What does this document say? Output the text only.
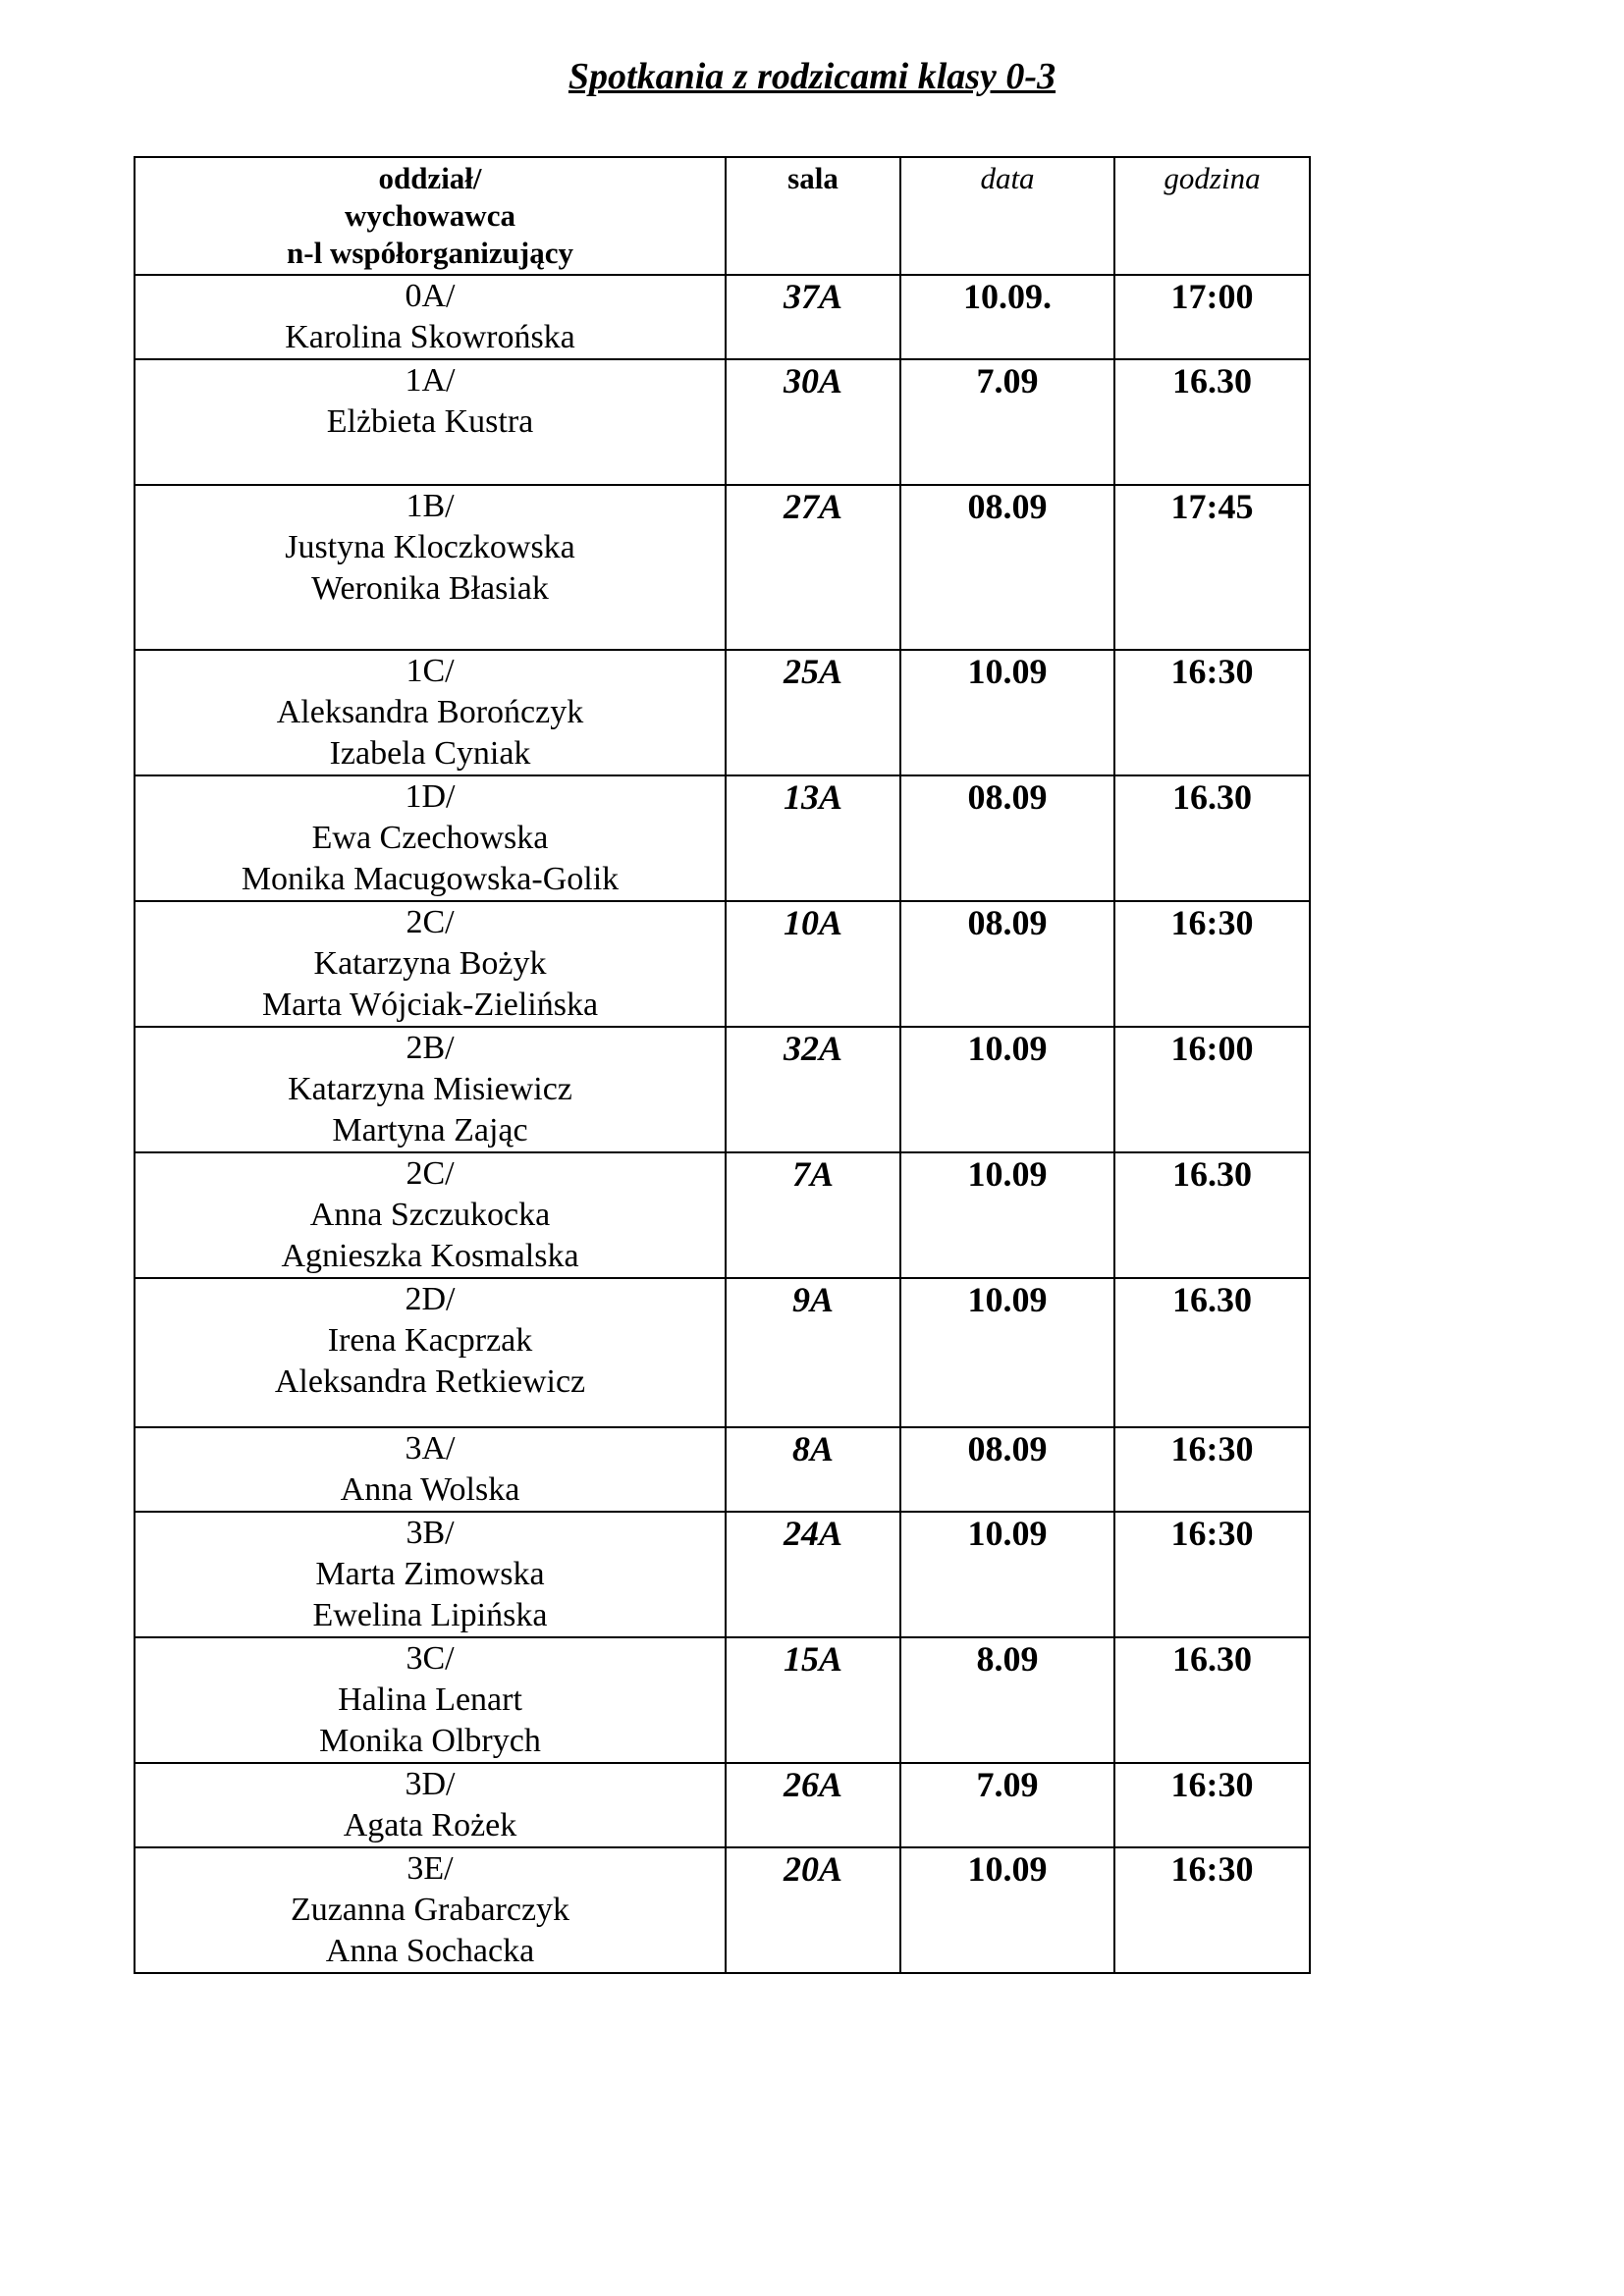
Spotkania z rodzicami klasy 0-3
oddział/
wychowawca
n-l współorganizujący	sala	data	godzina

0A/
Karolina Skowrońska	37A	10.09.	17:00

1A/
Elżbieta Kustra	30A	7.09	16.30

1B/
Justyna Kloczkowska
Weronika Błasiak	27A	08.09	17:45

1C/
Aleksandra Borończyk
Izabela Cyniak	25A	10.09	16:30

1D/
Ewa Czechowska
Monika Macugowska-Golik	13A	08.09	16.30

2C/
Katarzyna Bożyk
Marta Wójciak-Zielińska	10A	08.09	16:30

2B/
Katarzyna Misiewicz
Martyna Zając	32A	10.09	16:00

2C/
Anna Szczukocka
Agnieszka Kosmalska	7A	10.09	16.30

2D/
Irena Kacprzak
Aleksandra Retkiewicz	9A	10.09	16.30

3A/
Anna Wolska	8A	08.09	16:30

3B/
Marta Zimowska
Ewelina Lipińska	24A	10.09	16:30

3C/
Halina Lenart
Monika Olbrych	15A	8.09	16.30

3D/
Agata Rożek	26A	7.09	16:30

3E/
Zuzanna Grabarczyk
Anna Sochacka	20A	10.09	16:30
